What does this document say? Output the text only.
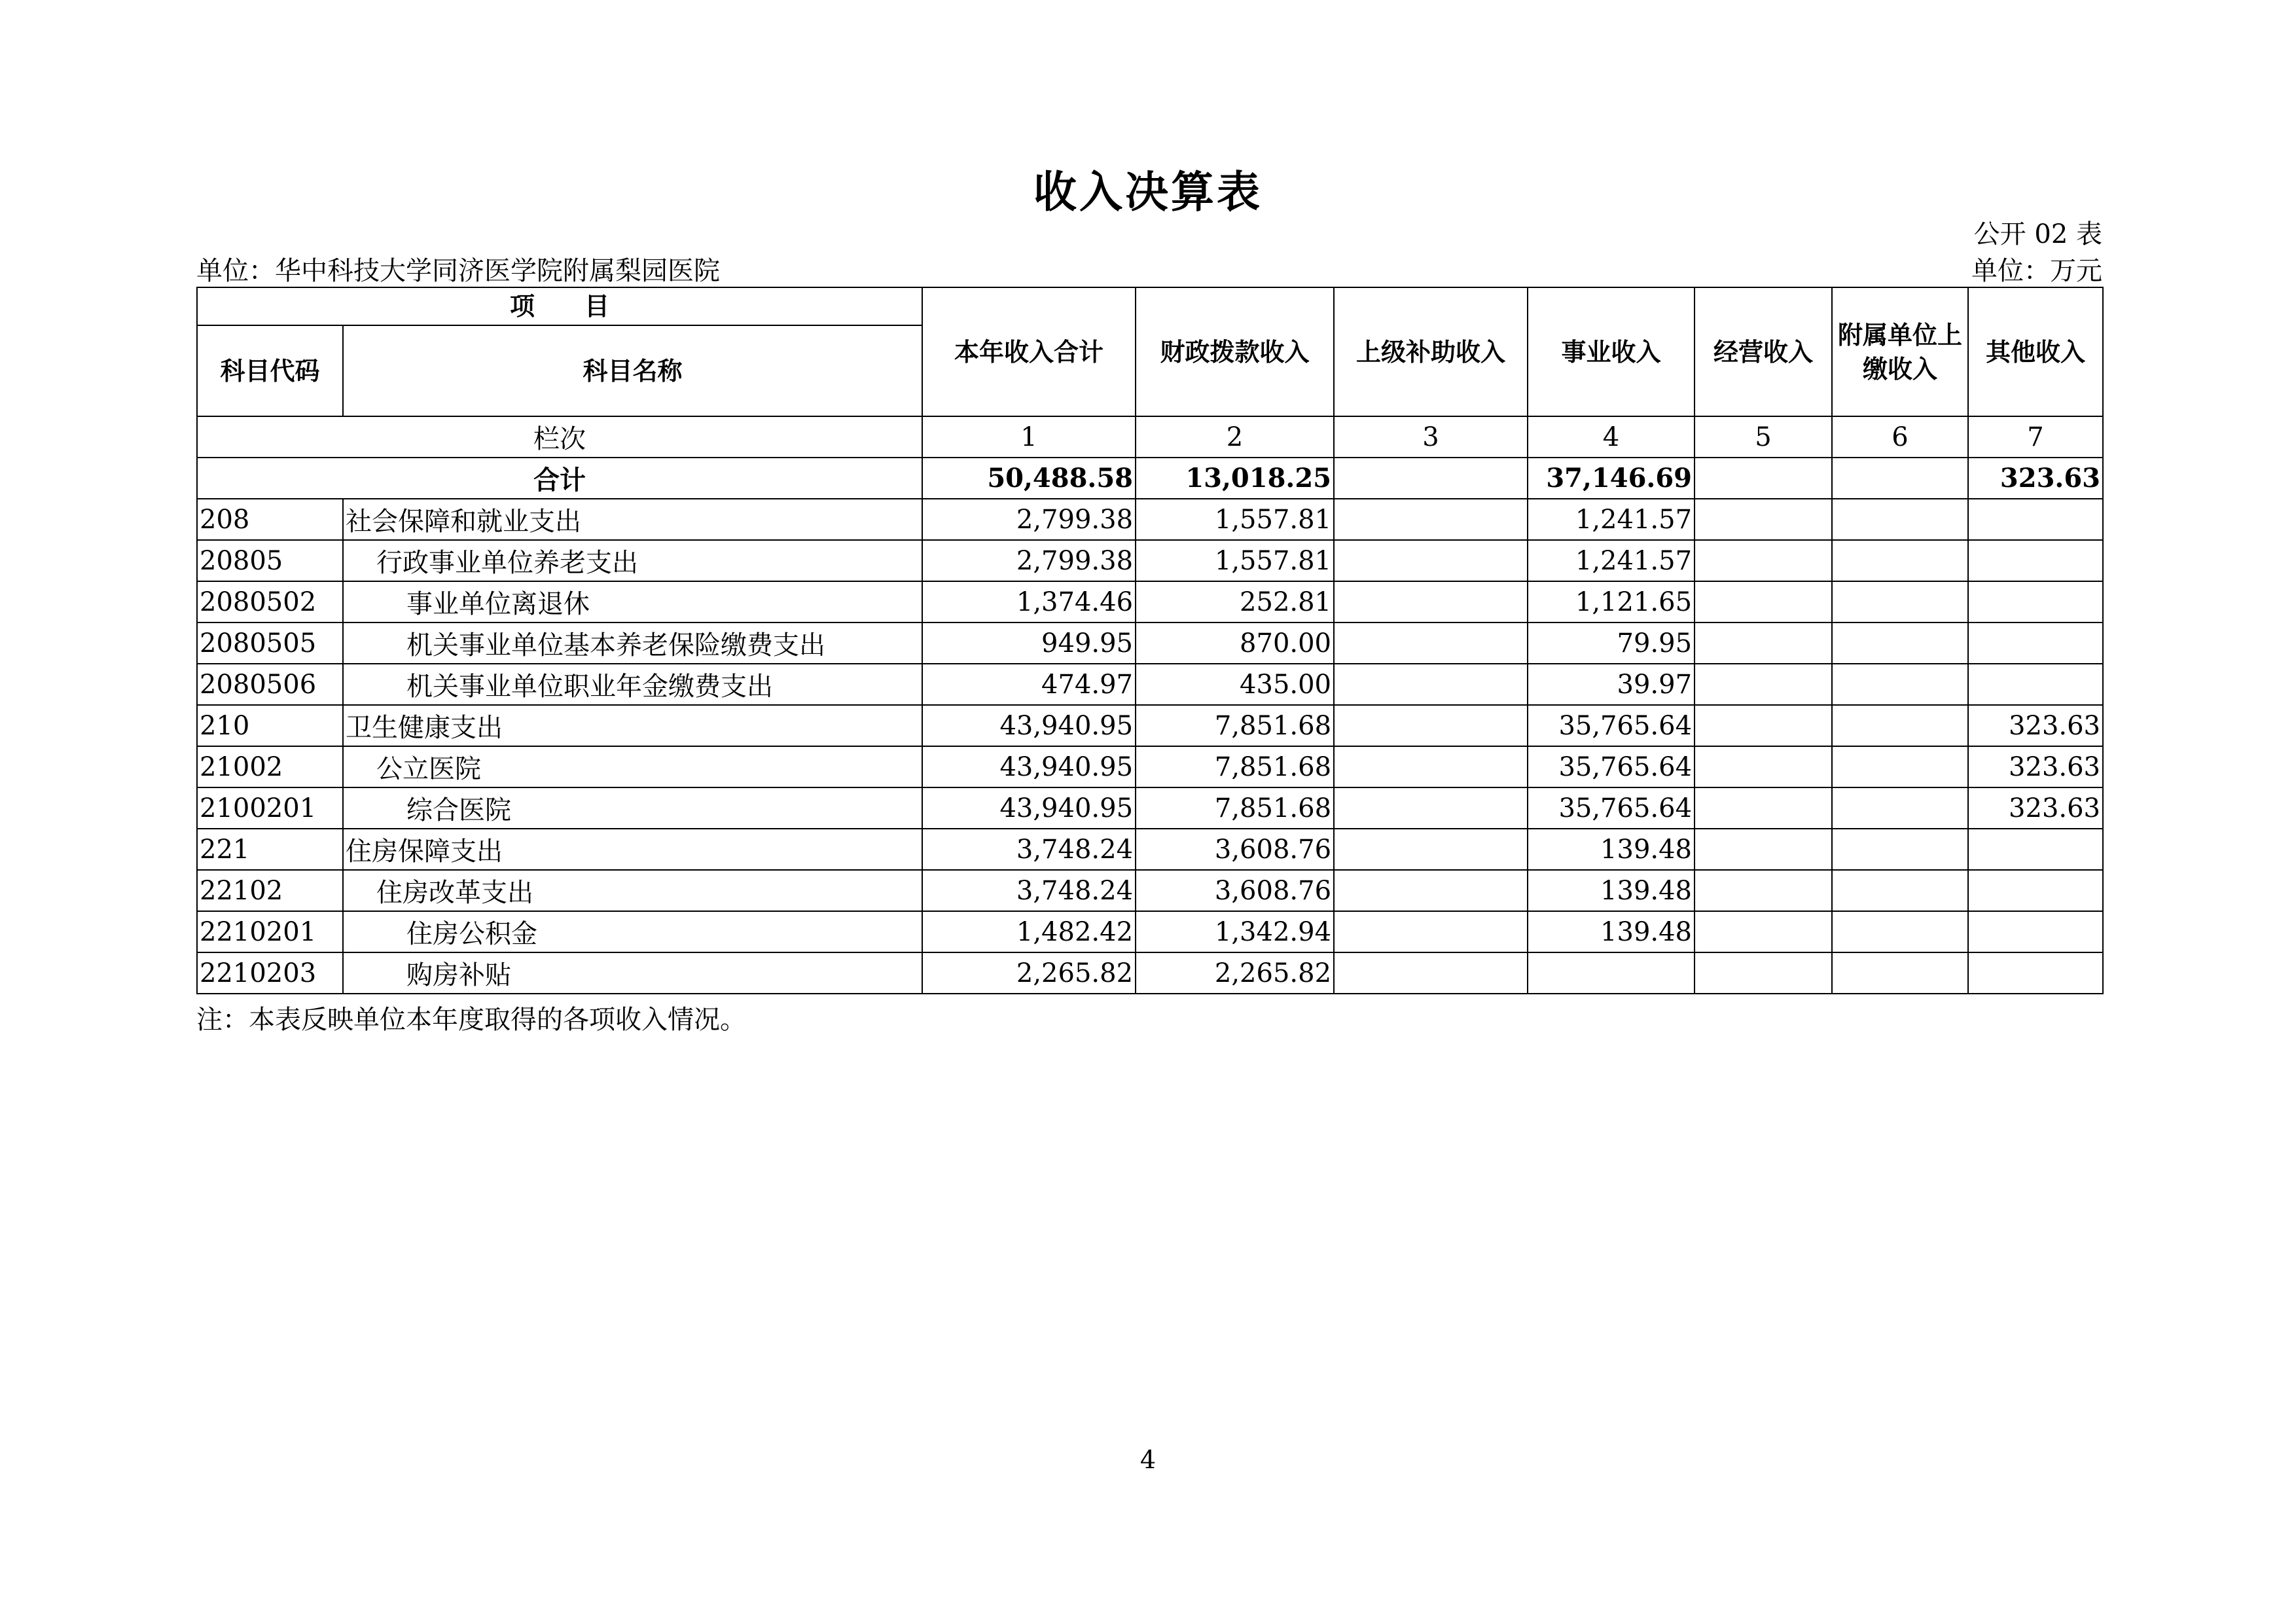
收入决算表
公开 02 表
单位：华中科技大学同济医学院附属梨园医院	单位：万元
项　　目		本年收入合计	财政拨款收入	上级补助收入	事业收入	经营收入	附属单位上缴收入	其他收入
科目代码	科目名称							
栏次		1	2	3	4	5	6	7
合计		50,488.58	13,018.25		37,146.69			323.63
208	社会保障和就业支出	2,799.38	1,557.81		1,241.57			
20805	行政事业单位养老支出	2,799.38	1,557.81		1,241.57			
2080502	事业单位离退休	1,374.46	252.81		1,121.65			
2080505	机关事业单位基本养老保险缴费支出	949.95	870.00		79.95			
2080506	机关事业单位职业年金缴费支出	474.97	435.00		39.97			
210	卫生健康支出	43,940.95	7,851.68		35,765.64			323.63
21002	公立医院	43,940.95	7,851.68		35,765.64			323.63
2100201	综合医院	43,940.95	7,851.68		35,765.64			323.63
221	住房保障支出	3,748.24	3,608.76		139.48			
22102	住房改革支出	3,748.24	3,608.76		139.48			
2210201	住房公积金	1,482.42	1,342.94		139.48			
2210203	购房补贴	2,265.82	2,265.82					
注：本表反映单位本年度取得的各项收入情况。
4
